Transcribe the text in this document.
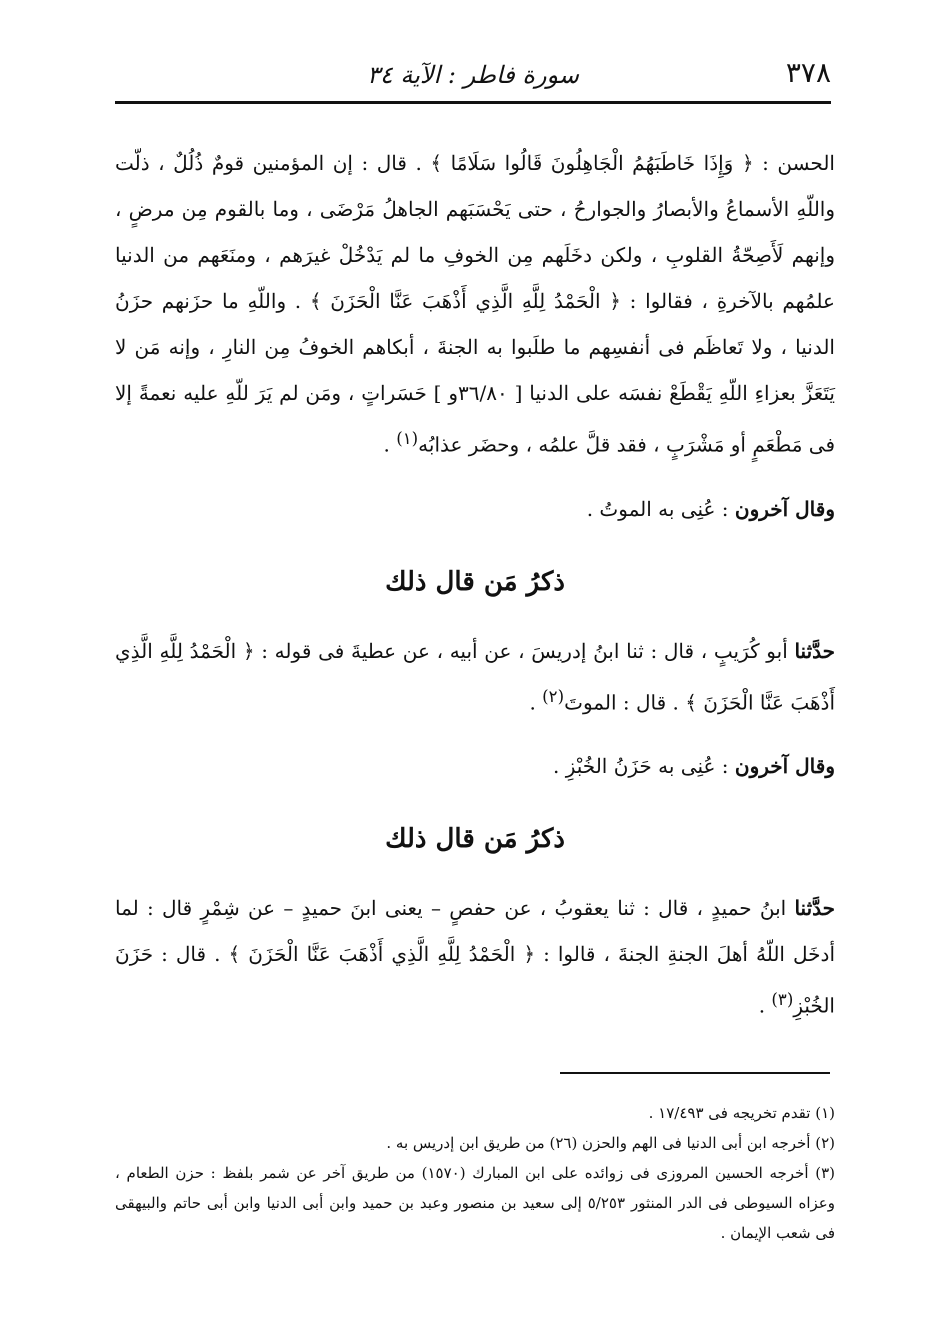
٣٧٨
سورة فاطر : الآية ٣٤

الحسن : ﴿ وَإِذَا خَاطَبَهُمُ الْجَاهِلُونَ قَالُوا سَلَامًا ﴾ . قال : إن المؤمنين قومٌ ذُلُلٌ ، ذلّت واللّهِ الأسماعُ والأبصارُ والجوارحُ ، حتى يَحْسَبَهم الجاهلُ مَرْضَى ، وما بالقوم مِن مرضٍ ، وإنهم لَأَصِحّةُ القلوبِ ، ولكن دخَلَهم مِن الخوفِ ما لم يَدْخُلْ غيرَهم ، ومنَعَهم من الدنيا علمُهم بالآخرةِ ، فقالوا : ﴿ الْحَمْدُ لِلَّهِ الَّذِي أَذْهَبَ عَنَّا الْحَزَنَ ﴾ . واللّهِ ما حزَنهم حزَنُ الدنيا ، ولا تَعاظَم فى أنفسِهم ما طلَبوا به الجنةَ ، أبكاهم الخوفُ مِن النارِ ، وإنه مَن لا يَتَعَزَّ بعزاءِ اللّهِ يَقْطَعْ نفسَه على الدنيا [ ٣٦/٨٠و ] حَسَراتٍ ، ومَن لم يَرَ للّهِ عليه نعمةً إلا فى مَطْعَمٍ أو مَشْرَبٍ ، فقد قلَّ علمُه ، وحضَر عذابُه$^{(١)}$ .

وقال آخرون : عُنِى به الموتُ .

ذكرُ مَن قال ذلك

حدَّثنا أبو كُرَيبٍ ، قال : ثنا ابنُ إدريسَ ، عن أبيه ، عن عطيةَ فى قوله : ﴿ الْحَمْدُ لِلَّهِ الَّذِي أَذْهَبَ عَنَّا الْحَزَنَ ﴾ . قال : الموتَ$^{(٢)}$ .

وقال آخرون : عُنِى به حَزَنُ الخُبْزِ .

ذكرُ مَن قال ذلك

حدَّثنا ابنُ حميدٍ ، قال : ثنا يعقوبُ ، عن حفصٍ – يعنى ابنَ حميدٍ – عن شِمْرٍ قال : لما أدخَل اللّهُ أهلَ الجنةِ الجنةَ ، قالوا : ﴿ الْحَمْدُ لِلَّهِ الَّذِي أَذْهَبَ عَنَّا الْحَزَنَ ﴾ . قال : حَزَنَ الخُبْزِ$^{(٣)}$ .

(١) تقدم تخريجه فى ١٧/٤٩٣ .

(٢) أخرجه ابن أبى الدنيا فى الهم والحزن (٢٦) من طريق ابن إدريس به .

(٣) أخرجه الحسين المروزى فى زوائده على ابن المبارك (١٥٧٠) من طريق آخر عن شمر بلفظ : حزن الطعام ، وعزاه السيوطى فى الدر المنثور ٥/٢٥٣ إلى سعيد بن منصور وعبد بن حميد وابن أبى الدنيا وابن أبى حاتم والبيهقى فى شعب الإيمان .
